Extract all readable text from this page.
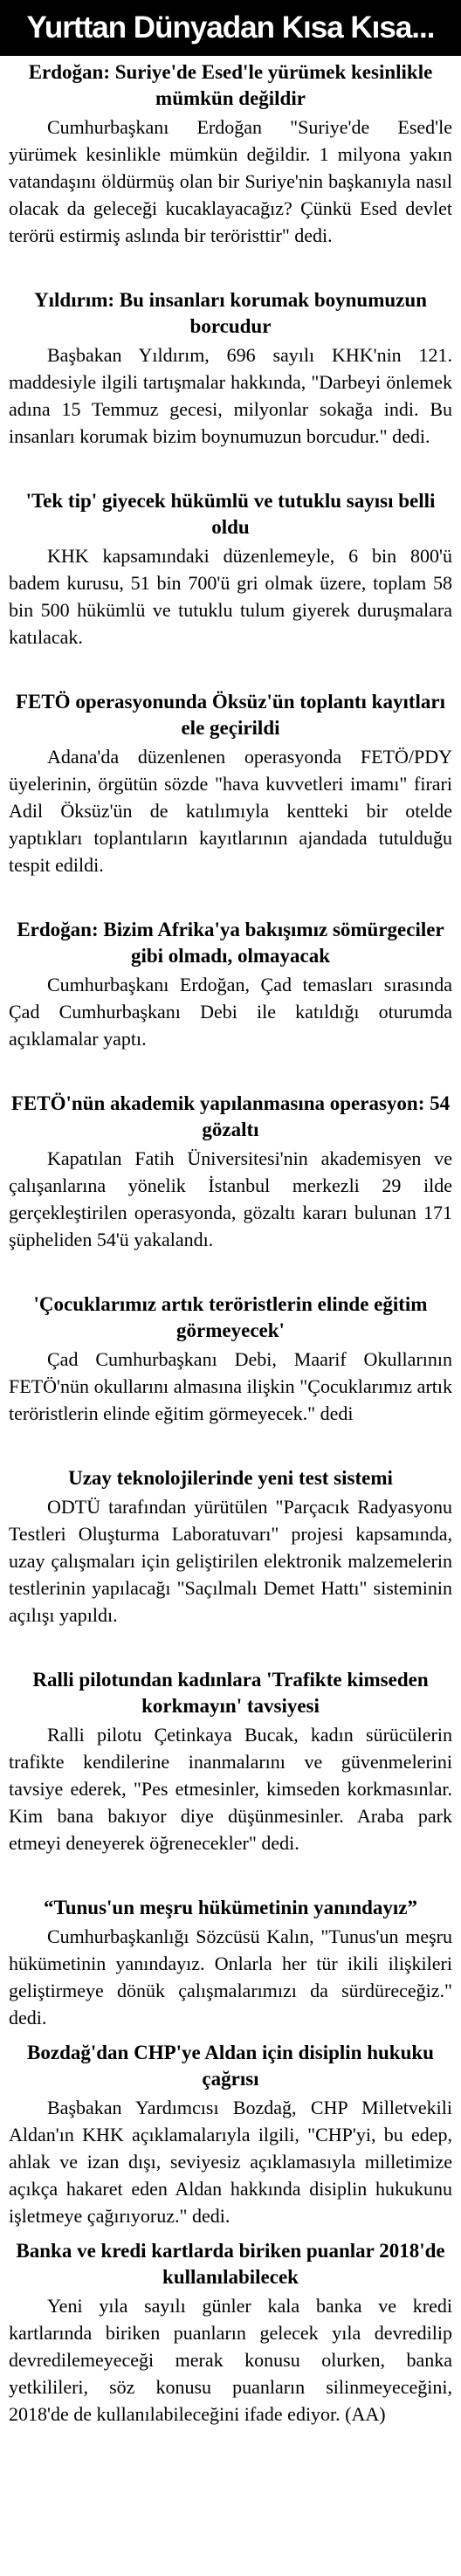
Yurttan Dünyadan Kısa Kısa...
Erdoğan: Suriye'de Esed'le yürümek kesinlikle mümkün değildir

Cumhurbaşkanı Erdoğan "Suriye'de Esed'le yürümek kesinlikle mümkün değildir. 1 milyona yakın vatandaşını öldürmüş olan bir Suriye'nin başkanıyla nasıl olacak da geleceği kucaklayacağız? Çünkü Esed devlet terörü estirmiş aslında bir teröristtir" dedi.

Yıldırım: Bu insanları korumak boynumuzun borcudur

Başbakan Yıldırım, 696 sayılı KHK'nin 121. maddesiyle ilgili tartışmalar hakkında, "Darbeyi önlemek adına 15 Temmuz gecesi, milyonlar sokağa indi. Bu insanları korumak bizim boynumuzun borcudur." dedi.

'Tek tip' giyecek hükümlü ve tutuklu sayısı belli oldu

KHK kapsamındaki düzenlemeyle, 6 bin 800'ü badem kurusu, 51 bin 700'ü gri olmak üzere, toplam 58 bin 500 hükümlü ve tutuklu tulum giyerek duruşmalara katılacak.

FETÖ operasyonunda Öksüz'ün toplantı kayıtları ele geçirildi

Adana'da düzenlenen operasyonda FETÖ/PDY üyelerinin, örgütün sözde "hava kuvvetleri imamı" firari Adil Öksüz'ün de katılımıyla kentteki bir otelde yaptıkları toplantıların kayıtlarının ajandada tutulduğu tespit edildi.

Erdoğan: Bizim Afrika'ya bakışımız sömürgeciler gibi olmadı, olmayacak

Cumhurbaşkanı Erdoğan, Çad temasları sırasında Çad Cumhurbaşkanı Debi ile katıldığı oturumda açıklamalar yaptı.

FETÖ'nün akademik yapılanmasına operasyon: 54 gözaltı

Kapatılan Fatih Üniversitesi'nin akademisyen ve çalışanlarına yönelik İstanbul merkezli 29 ilde gerçekleştirilen operasyonda, gözaltı kararı bulunan 171 şüpheliden 54'ü yakalandı.

'Çocuklarımız artık teröristlerin elinde eğitim görmeyecek'

Çad Cumhurbaşkanı Debi, Maarif Okullarının FETÖ'nün okullarını almasına ilişkin "Çocuklarımız artık teröristlerin elinde eğitim görmeyecek." dedi

Uzay teknolojilerinde yeni test sistemi

ODTÜ tarafından yürütülen "Parçacık Radyasyonu Testleri Oluşturma Laboratuvarı" projesi kapsamında, uzay çalışmaları için geliştirilen elektronik malzemelerin testlerinin yapılacağı "Saçılmalı Demet Hattı" sisteminin açılışı yapıldı.

Ralli pilotundan kadınlara 'Trafikte kimseden korkmayın' tavsiyesi

Ralli pilotu Çetinkaya Bucak, kadın sürücülerin trafikte kendilerine inanmalarını ve güvenmelerini tavsiye ederek, "Pes etmesinler, kimseden korkmasınlar. Kim bana bakıyor diye düşünmesinler. Araba park etmeyi deneyerek öğrenecekler" dedi.

“Tunus'un meşru hükümetinin yanındayız”

Cumhurbaşkanlığı Sözcüsü Kalın, "Tunus'un meşru hükümetinin yanındayız. Onlarla her tür ikili ilişkileri geliştirmeye dönük çalışmalarımızı da sürdüreceğiz." dedi.

Bozdağ'dan CHP'ye Aldan için disiplin hukuku çağrısı

Başbakan Yardımcısı Bozdağ, CHP Milletvekili Aldan'ın KHK açıklamalarıyla ilgili, "CHP'yi, bu edep, ahlak ve izan dışı, seviyesiz açıklamasıyla milletimize açıkça hakaret eden Aldan hakkında disiplin hukukunu işletmeye çağırıyoruz." dedi.

Banka ve kredi kartlarda biriken puanlar 2018'de kullanılabilecek

Yeni yıla sayılı günler kala banka ve kredi kartlarında biriken puanların gelecek yıla devredilip devredilemeyeceği merak konusu olurken, banka yetkilileri, söz konusu puanların silinmeyeceğini, 2018'de de kullanılabileceğini ifade ediyor. (AA)
